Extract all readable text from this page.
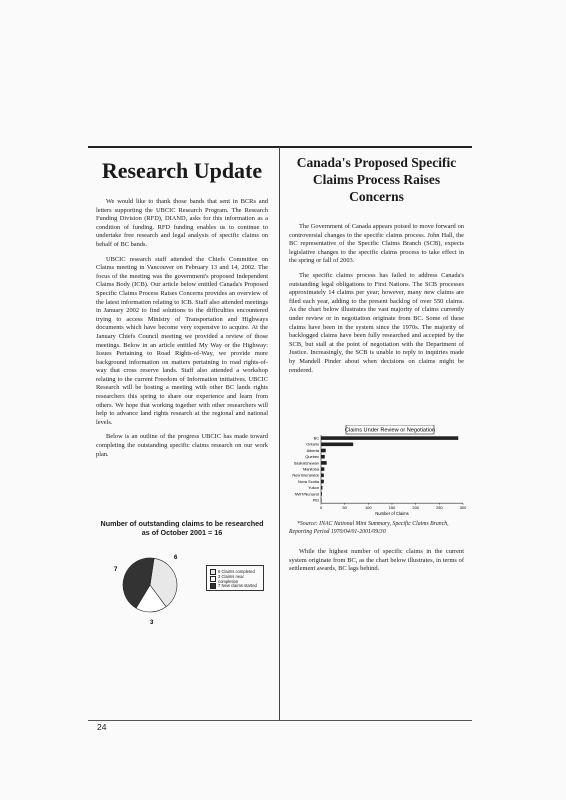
Research Update

We would like to thank those bands that sent in BCRs and letters supporting the UBCIC Research Program. The Research Funding Division (RFD), DIAND, asks for this information as a condition of funding. RFD funding enables us to continue to undertake free research and legal analysis of specific claims on behalf of BC bands.

UBCIC research staff attended the Chiefs Committee on Claims meeting in Vancouver on February 13 and 14, 2002. The focus of the meeting was the government's proposed Independent Claims Body (ICB). Our article below entitled Canada's Proposed Specific Claims Process Raises Concerns provides an overview of the latest information relating to ICB. Staff also attended meetings in January 2002 to find solutions to the difficulties encountered trying to access Ministry of Transportation and Highways documents which have become very expensive to acquire. At the January Chiefs Council meeting we provided a review of those meetings. Below in an article entitled My Way or the Highway: Issues Pertaining to Road Rights-of-Way, we provide more background information on matters pertaining to road rights-of-way that cross reserve lands. Staff also attended a workshop relating to the current Freedom of Information initiatives. UBCIC Research will be hosting a meeting with other BC lands rights researchers this spring to share our experience and learn from others. We hope that working together with other researchers will help to advance land rights research at the regional and national levels.

Below is an outline of the progress UBCIC has made toward completing the outstanding specific claims research on our work plan.

Number of outstanding claims to be researched
as of October 2001 = 16
6
3
7	6 Claims completed
3 Claims near completion
7 New claims started
Canada's Proposed Specific
Claims Process Raises Concerns

The Government of Canada appears poised to move forward on controversial changes to the specific claims process. John Hall, the BC representative of the Specific Claims Branch (SCB), expects legislative changes to the specific claims process to take effect in the spring or fall of 2003.

The specific claims process has failed to address Canada's outstanding legal obligations to First Nations. The SCB processes approximately 14 claims per year; however, many new claims are filed each year, adding to the present backlog of over 550 claims. As the chart below illustrates the vast majority of claims currently under review or in negotiation originate from BC. Some of these claims have been in the system since the 1970s. The majority of backlogged claims have been fully researched and accepted by the SCB, but stall at the point of negotiation with the Department of Justice. Increasingly, the SCB is unable to reply to inquiries made by Mandell Pinder about when decisions on claims might be rendered.

Claims Under Review or Negotiation
BC
Ontario
Alberta
Quebec
Saskatchewan
Manitoba
New Brunswick
Nova Scotia
Yukon
NWT/Nunavut
PEI
0	50	100	150	200	250	300
Number of Claims
*Source: INAC National Mini Summary, Specific Claims Branch, Reporting Period 1970/04/01-2001/09/30

While the highest number of specific claims in the current system originate from BC, as the chart below illustrates, in terms of settlement awards, BC lags behind.

24
